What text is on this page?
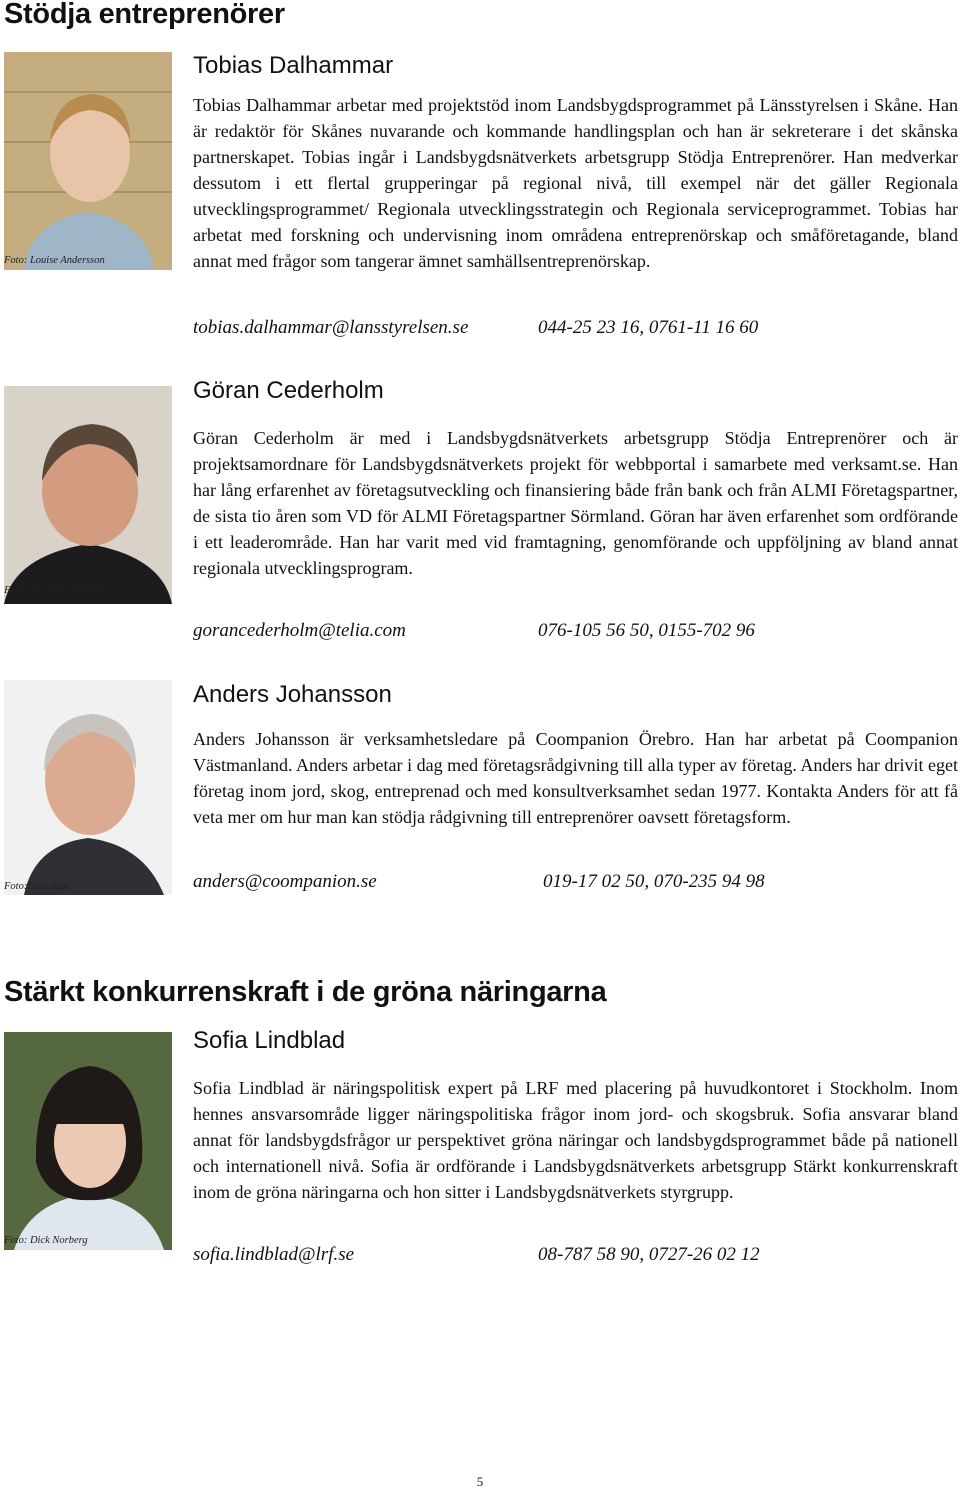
Stödja entreprenörer
Foto: Louise Andersson
Tobias Dalhammar

Tobias Dalhammar arbetar med projektstöd inom Landsbygdsprogrammet på Länsstyrelsen i Skåne. Han är redaktör för Skånes nuvarande och kommande handlingsplan och han är sekreterare i det skånska partnerskapet. Tobias ingår i Landsbygdsnätverkets arbetsgrupp Stödja Entreprenörer. Han medverkar dessutom i ett flertal grupperingar på regional nivå, till exempel när det gäller Regionala utvecklingsprogrammet/ Regionala utvecklingsstrategin och Regionala serviceprogrammet. Tobias har arbetat med forskning och undervisning inom områdena entreprenörskap och småföretagande, bland annat med frågor som tangerar ämnet samhällsentreprenörskap.

tobias.dalhammar@lansstyrelsen.se	044-25 23 16, 0761-11 16 60
Foto: Per-Arne Rynning
Göran Cederholm

Göran Cederholm är med i Landsbygdsnätverkets arbetsgrupp Stödja Entreprenörer och är projektsamordnare för Landsbygdsnätverkets projekt för webbportal i samarbete med verksamt.se. Han har lång erfarenhet av företagsutveckling och finansiering både från bank och från ALMI Företagspartner, de sista tio åren som VD för ALMI Företagspartner Sörmland. Göran har även erfarenhet som ordförande i ett leaderområde. Han har varit med vid framtagning, genomförande och uppföljning av bland annat regionala utvecklingsprogram.

gorancederholm@telia.com	076-105 56 50, 0155-702 96
Foto:Emil Atak
Anders Johansson

Anders Johansson är verksamhetsledare på Coompanion Örebro. Han har arbetat på Coompanion Västmanland. Anders arbetar i dag med företagsrådgivning till alla typer av företag. Anders har drivit eget företag inom jord, skog, entreprenad och med konsultverksamhet sedan 1977. Kontakta Anders för att få veta mer om hur man kan stödja rådgivning till entreprenörer oavsett företagsform.

anders@coompanion.se	019-17 02 50, 070-235 94 98
Stärkt konkurrenskraft i de gröna näringarna
Foto: Dick Norberg
Sofia Lindblad

Sofia Lindblad är näringspolitisk expert på LRF med placering på huvudkontoret i Stockholm. Inom hennes ansvarsområde ligger näringspolitiska frågor inom jord- och skogsbruk. Sofia ansvarar bland annat för landsbygdsfrågor ur perspektivet gröna näringar och landsbygdsprogrammet både på nationell och internationell nivå. Sofia är ordförande i Landsbygdsnätverkets arbetsgrupp Stärkt konkurrenskraft inom de gröna näringarna och hon sitter i Landsbygdsnätverkets styrgrupp.

sofia.lindblad@lrf.se	08-787 58 90, 0727-26 02 12
5
